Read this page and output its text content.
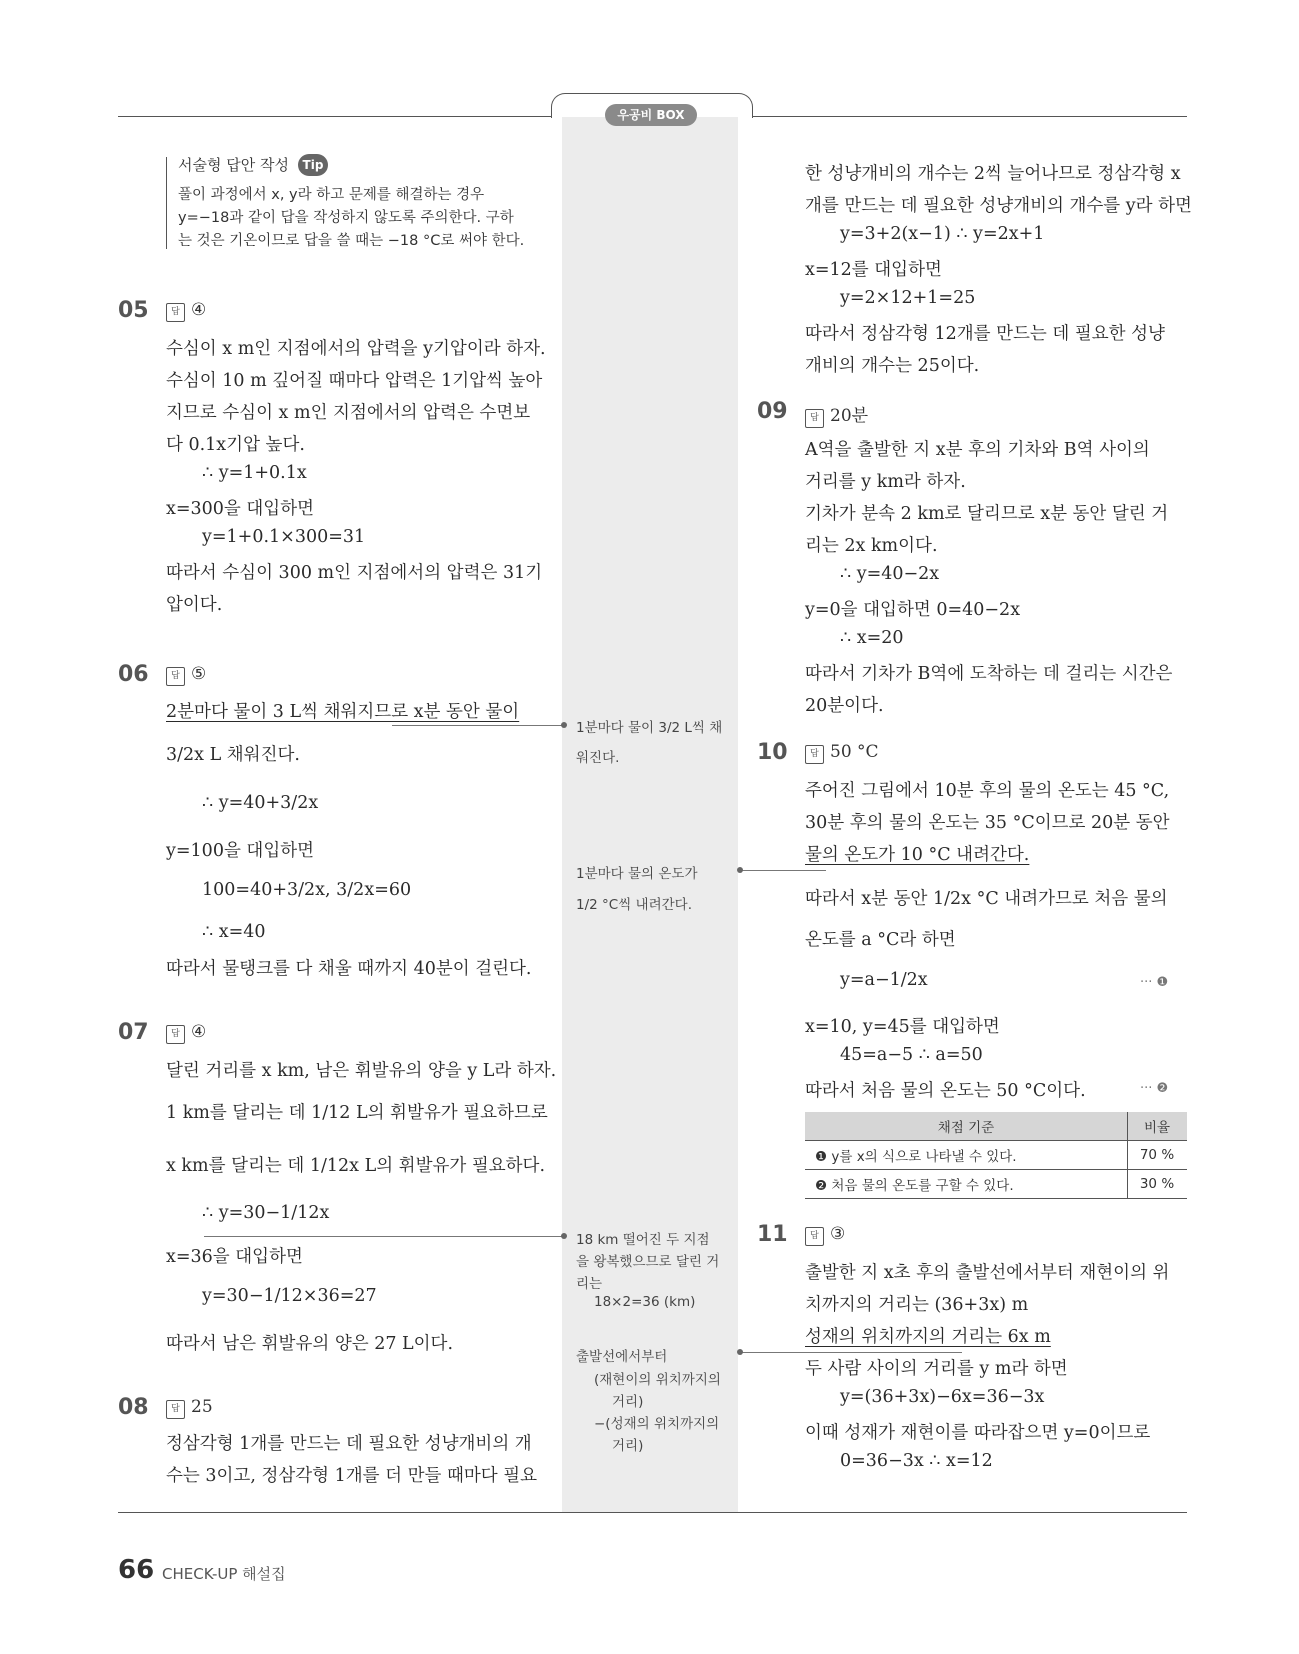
우공비 BOX
서술형 답안 작성	Tip
풀이 과정에서 x, y라 하고 문제를 해결하는 경우
y=−18과 같이 답을 작성하지 않도록 주의한다. 구하
는 것은 기온이므로 답을 쓸 때는 −18 °C로 써야 한다.
05	답 ④
수심이 x m인 지점에서의 압력을 y기압이라 하자.
수심이 10 m 깊어질 때마다 압력은 1기압씩 높아
지므로 수심이 x m인 지점에서의 압력은 수면보
다 0.1x기압 높다.
∴ y=1+0.1x
x=300을 대입하면
y=1+0.1×300=31
따라서 수심이 300 m인 지점에서의 압력은 31기
압이다.
06	답 ⑤
2분마다 물이 3 L씩 채워지므로 x분 동안 물이
3/2x L 채워진다.
∴ y=40+3/2x
y=100을 대입하면
100=40+3/2x, 3/2x=60
∴ x=40
따라서 물탱크를 다 채울 때까지 40분이 걸린다.
07	답 ④
달린 거리를 x km, 남은 휘발유의 양을 y L라 하자.
1 km를 달리는 데 1/12 L의 휘발유가 필요하므로
x km를 달리는 데 1/12x L의 휘발유가 필요하다.
∴ y=30−1/12x
x=36을 대입하면
y=30−1/12×36=27
따라서 남은 휘발유의 양은 27 L이다.
08	답 25
정삼각형 1개를 만드는 데 필요한 성냥개비의 개
수는 3이고, 정삼각형 1개를 더 만들 때마다 필요
한 성냥개비의 개수는 2씩 늘어나므로 정삼각형 x
개를 만드는 데 필요한 성냥개비의 개수를 y라 하면
y=3+2(x−1) ∴ y=2x+1
x=12를 대입하면
y=2×12+1=25
따라서 정삼각형 12개를 만드는 데 필요한 성냥
개비의 개수는 25이다.
09	답 20분
A역을 출발한 지 x분 후의 기차와 B역 사이의
거리를 y km라 하자.
기차가 분속 2 km로 달리므로 x분 동안 달린 거
리는 2x km이다.
∴ y=40−2x
y=0을 대입하면 0=40−2x
∴ x=20
따라서 기차가 B역에 도착하는 데 걸리는 시간은
20분이다.
10	답 50 °C
주어진 그림에서 10분 후의 물의 온도는 45 °C,
30분 후의 물의 온도는 35 °C이므로 20분 동안
물의 온도가 10 °C 내려간다.
따라서 x분 동안 1/2x °C 내려가므로 처음 물의
온도를 a °C라 하면
y=a−1/2x	··· ❶
x=10, y=45를 대입하면
45=a−5 ∴ a=50
따라서 처음 물의 온도는 50 °C이다.	··· ❷
채점 기준	비율
❶ y를 x의 식으로 나타낼 수 있다.	70 %
❷ 처음 물의 온도를 구할 수 있다.	30 %
11	답 ③
출발한 지 x초 후의 출발선에서부터 재현이의 위
치까지의 거리는 (36+3x) m
성재의 위치까지의 거리는 6x m
두 사람 사이의 거리를 y m라 하면
y=(36+3x)−6x=36−3x
이때 성재가 재현이를 따라잡으면 y=0이므로
0=36−3x ∴ x=12
1분마다 물이 3/2 L씩 채
워진다.
1분마다 물의 온도가
1/2 °C씩 내려간다.
18 km 떨어진 두 지점
을 왕복했으므로 달린 거
리는
18×2=36 (km)
출발선에서부터
(재현이의 위치까지의
거리)
−(성재의 위치까지의
거리)
66 CHECK-UP 해설집
